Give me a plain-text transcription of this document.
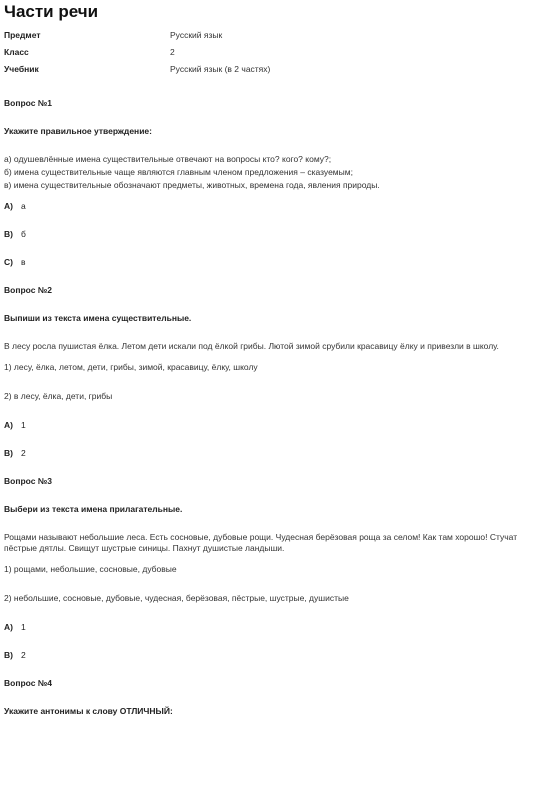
Части речи
Предмет	Русский язык
Класс	2
Учебник	Русский язык (в 2 частях)
Вопрос №1
Укажите правильное утверждение:
а) одушевлённые имена существительные отвечают на вопросы кто? кого? кому?;
б) имена существительные чаще являются главным членом предложения – сказуемым;
в) имена существительные обозначают предметы, животных, времена года, явления природы.
А) а
В) б
С) в
Вопрос №2
Выпиши из текста имена существительные.
В лесу росла пушистая ёлка. Летом дети искали под ёлкой грибы. Лютой зимой срубили красавицу ёлку и привезли в школу.
1) лесу, ёлка, летом, дети, грибы, зимой, красавицу, ёлку, школу
2) в лесу, ёлка, дети, грибы
А) 1
В) 2
Вопрос №3
Выбери из текста имена прилагательные.
Рощами называют небольшие леса. Есть сосновые, дубовые рощи. Чудесная берёзовая роща за селом! Как там хорошо! Стучат пёстрые дятлы. Свищут шустрые синицы. Пахнут душистые ландыши.
1) рощами, небольшие, сосновые, дубовые
2) небольшие, сосновые, дубовые, чудесная, берёзовая, пёстрые, шустрые, душистые
А) 1
В) 2
Вопрос №4
Укажите антонимы к слову ОТЛИЧНЫЙ:
